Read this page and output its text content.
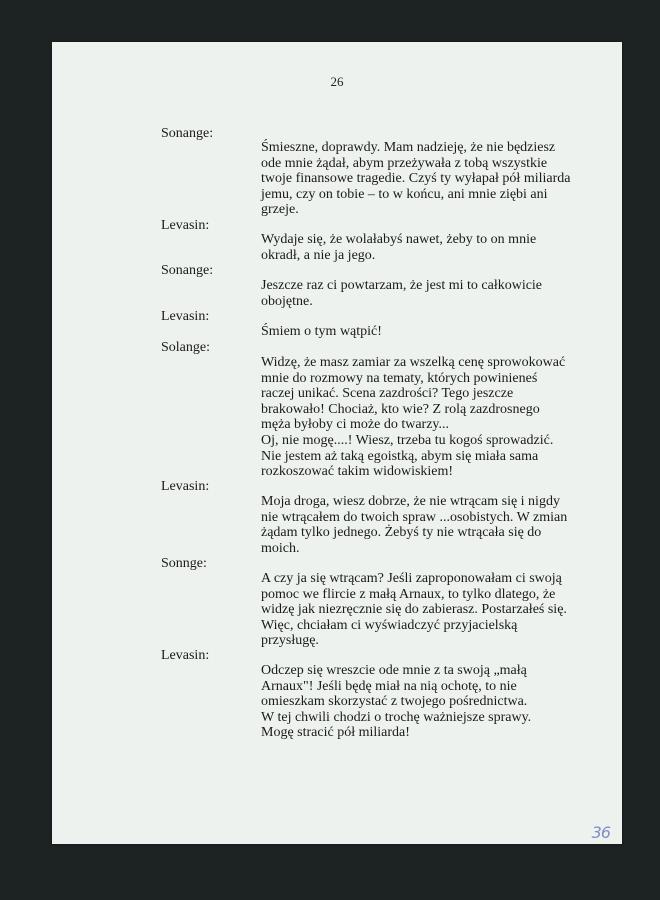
26
Sonange:
Śmieszne, doprawdy. Mam nadzieję, że nie będziesz
ode mnie żądał, abym przeżywała z tobą wszystkie
twoje finansowe tragedie. Czyś ty wyłapał pół miliarda
jemu, czy on tobie – to w końcu, ani mnie ziębi ani
grzeje.
Levasin:
Wydaje się, że wolałabyś nawet, żeby to on mnie
okradł, a nie ja jego.
Sonange:
Jeszcze raz ci powtarzam, że jest mi to całkowicie
obojętne.
Levasin:
Śmiem o tym wątpić!
Solange:
Widzę, że masz zamiar za wszelką cenę sprowokować
mnie do rozmowy na tematy, których powinieneś
raczej unikać. Scena zazdrości? Tego jeszcze
brakowało! Chociaż, kto wie? Z rolą zazdrosnego
męża byłoby ci może do twarzy...
Oj, nie mogę....! Wiesz, trzeba tu kogoś sprowadzić.
Nie jestem aż taką egoistką, abym się miała sama
rozkoszować takim widowiskiem!
Levasin:
Moja droga, wiesz dobrze, że nie wtrącam się i nigdy
nie wtrącałem do twoich spraw ...osobistych. W zmian
żądam tylko jednego. Żebyś ty nie wtrącała się do
moich.
Sonnge:
A czy ja się wtrącam? Jeśli zaproponowałam ci swoją
pomoc we flircie z małą Arnaux, to tylko dlatego, że
widzę jak niezręcznie się do zabierasz. Postarzałeś się.
Więc, chciałam ci wyświadczyć przyjacielską
przysługę.
Levasin:
Odczep się wreszcie ode mnie z ta swoją „małą
Arnaux"! Jeśli będę miał na nią ochotę, to nie
omieszkam skorzystać z twojego pośrednictwa.
W tej chwili chodzi o trochę ważniejsze sprawy.
Mogę stracić pół miliarda!
36
